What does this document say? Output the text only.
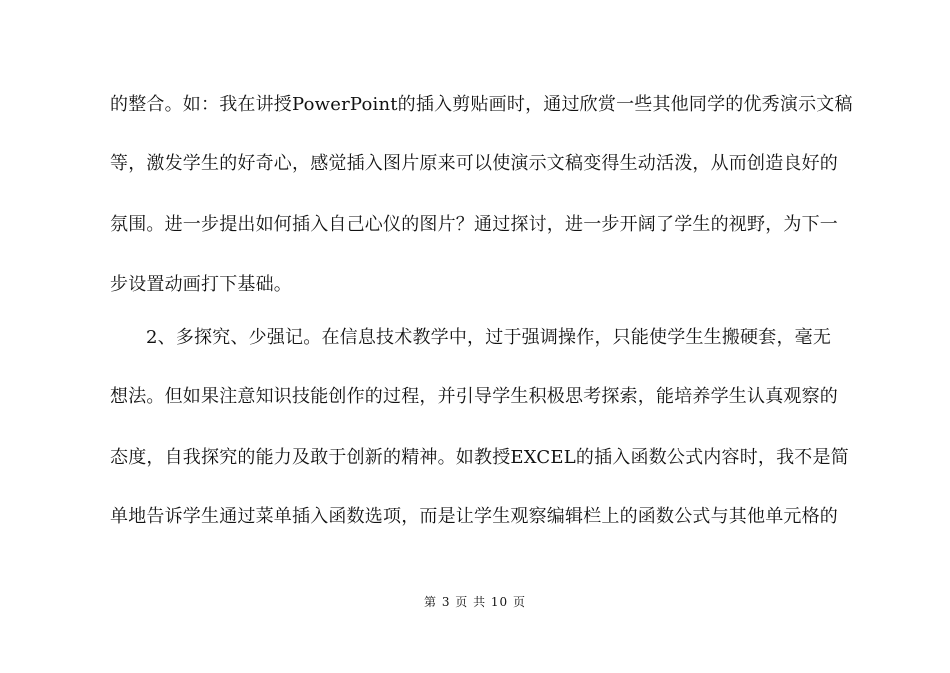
的整合。如：我在讲授PowerPoint的插入剪贴画时，通过欣赏一些其他同学的优秀演示文稿
等，激发学生的好奇心，感觉插入图片原来可以使演示文稿变得生动活泼，从而创造良好的
氛围。进一步提出如何插入自己心仪的图片？通过探讨，进一步开阔了学生的视野，为下一
步设置动画打下基础。
2、多探究、少强记。在信息技术教学中，过于强调操作，只能使学生生搬硬套，毫无
想法。但如果注意知识技能创作的过程，并引导学生积极思考探索，能培养学生认真观察的
态度，自我探究的能力及敢于创新的精神。如教授EXCEL的插入函数公式内容时，我不是简
单地告诉学生通过菜单插入函数选项，而是让学生观察编辑栏上的函数公式与其他单元格的
第 3 页 共 10 页
